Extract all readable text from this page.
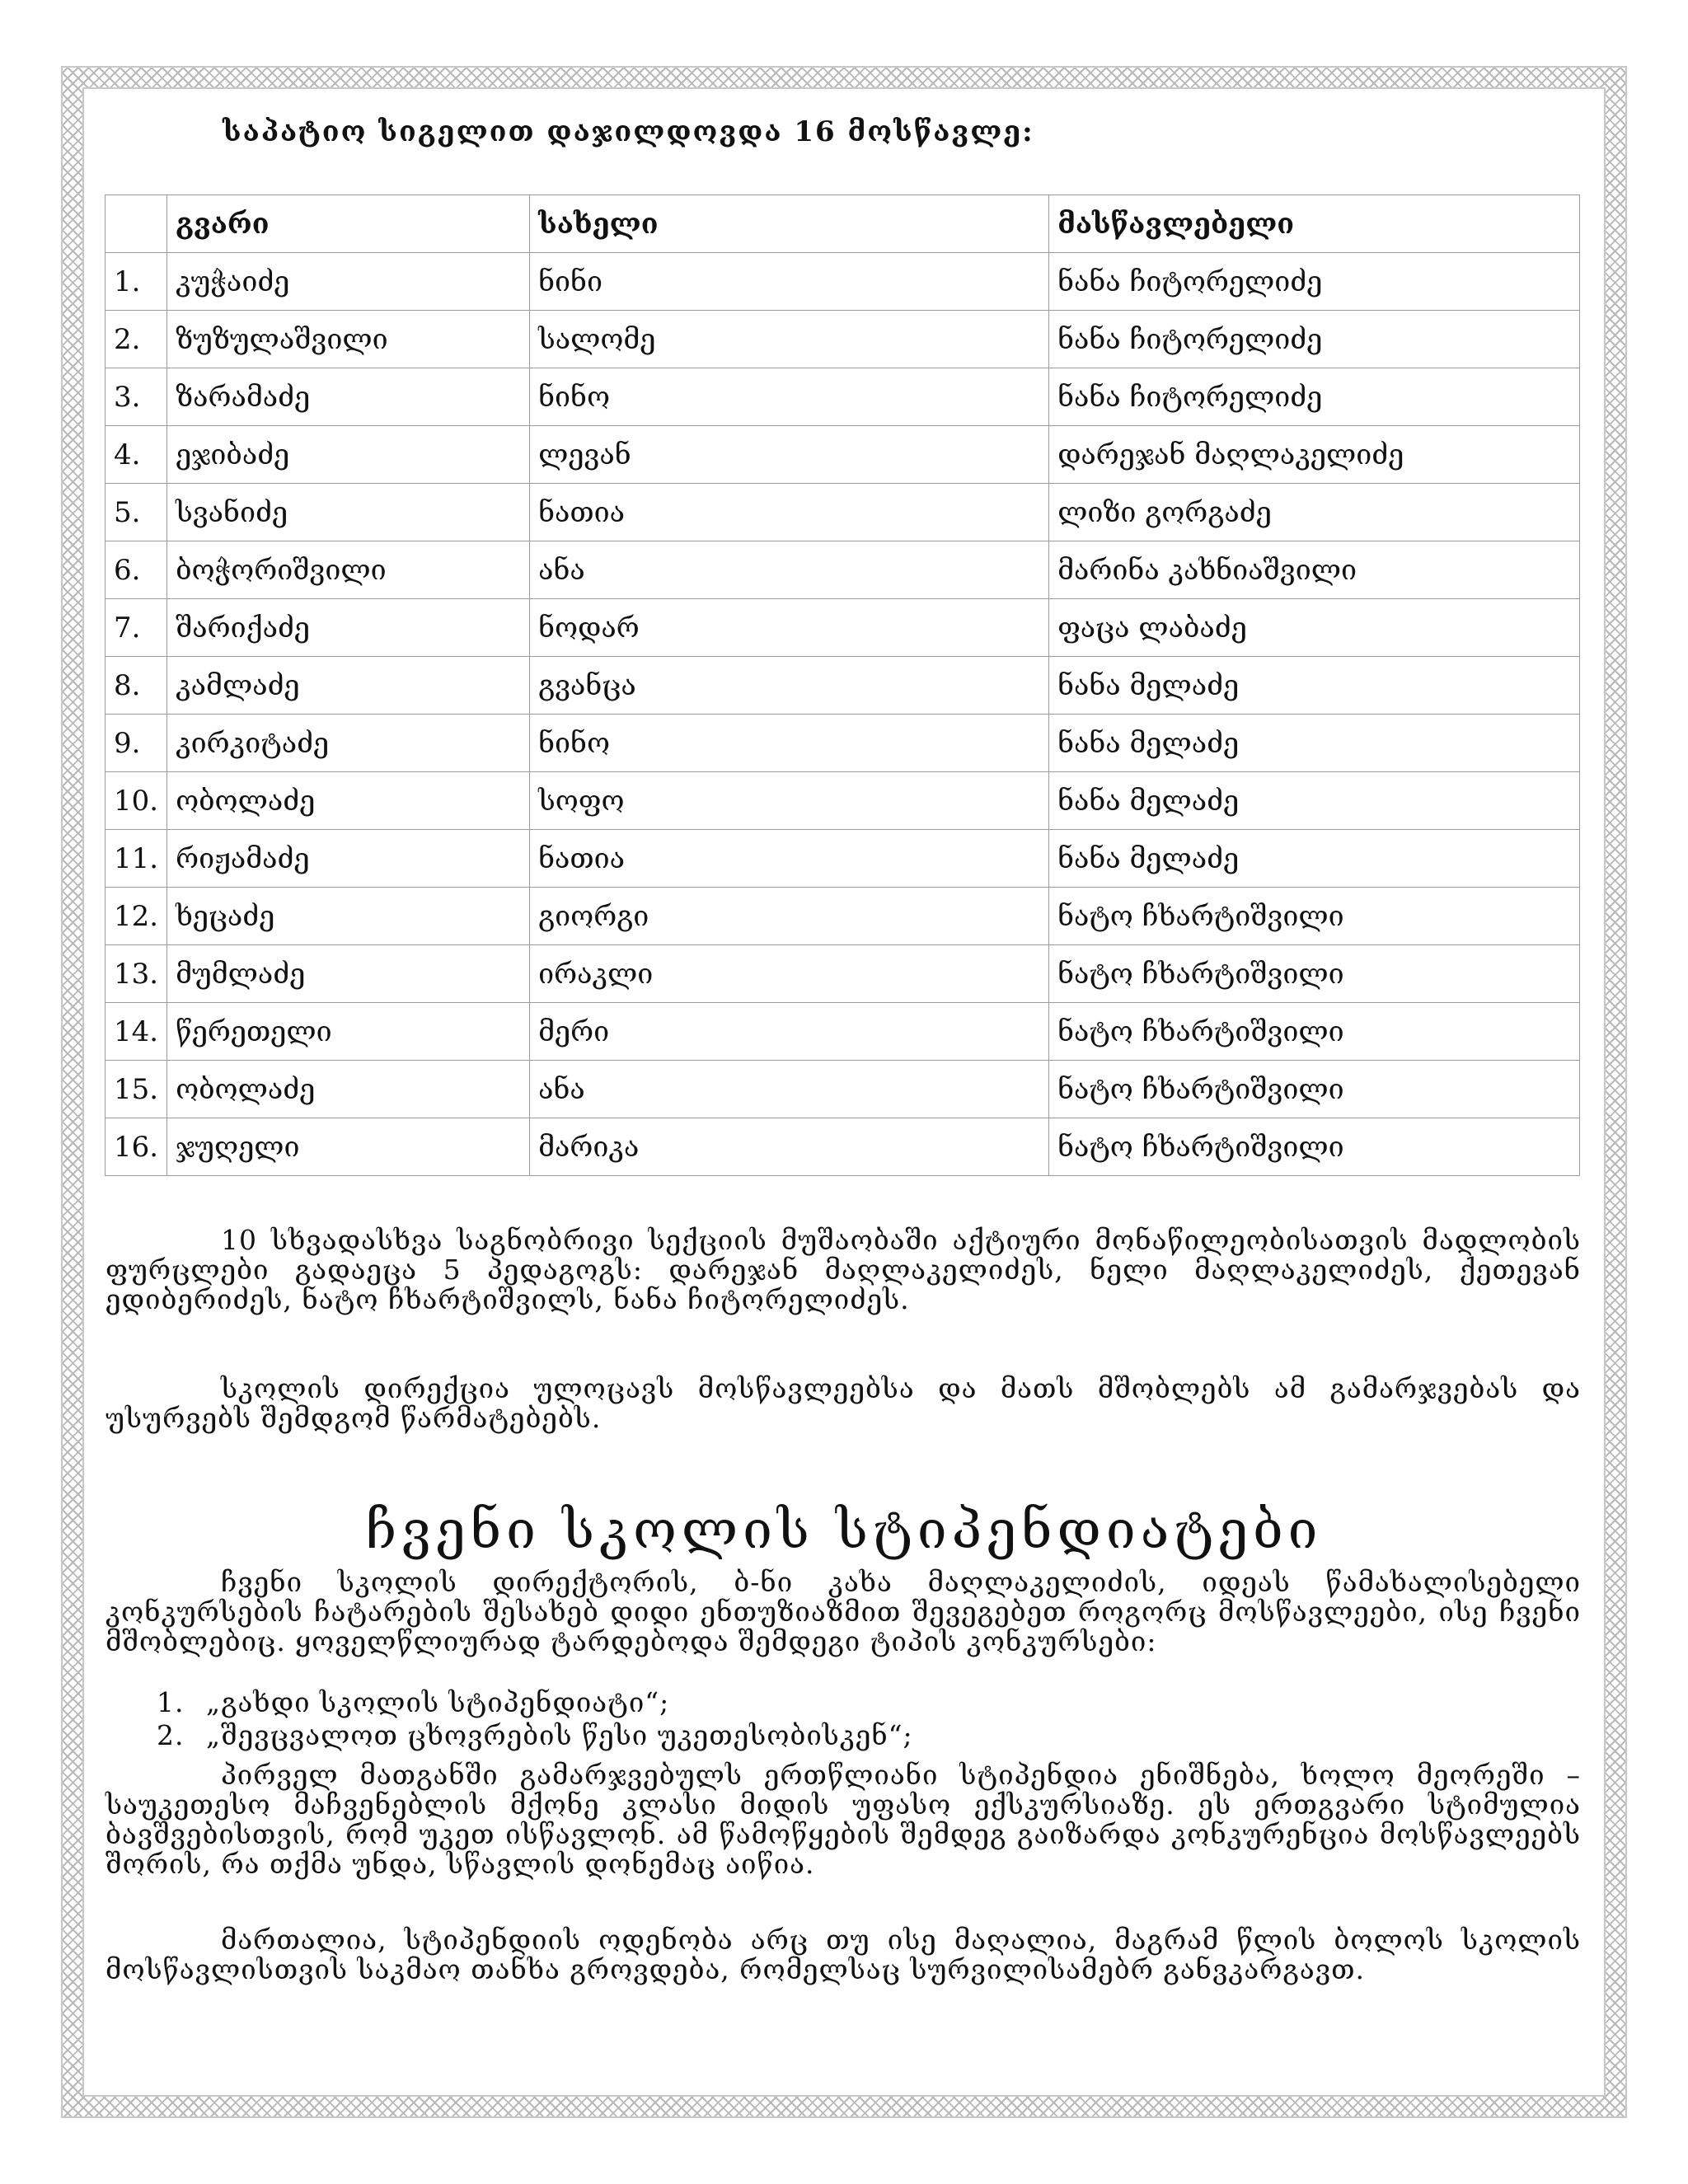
საპატიო სიგელით დაჯილდოვდა 16 მოსწავლე:
	გვარი	სახელი	მასწავლებელი
1.	კუჭაიძე	ნინი	ნანა ჩიტორელიძე
2.	ზუზულაშვილი	სალომე	ნანა ჩიტორელიძე
3.	ზარამაძე	ნინო	ნანა ჩიტორელიძე
4.	ეჯიბაძე	ლევან	დარეჯან მაღლაკელიძე
5.	სვანიძე	ნათია	ლიზი გორგაძე
6.	ბოჭორიშვილი	ანა	მარინა კახნიაშვილი
7.	შარიქაძე	ნოდარ	ფაცა ლაბაძე
8.	კამლაძე	გვანცა	ნანა მელაძე
9.	კირკიტაძე	ნინო	ნანა მელაძე
10.	ობოლაძე	სოფო	ნანა მელაძე
11.	რიჟამაძე	ნათია	ნანა მელაძე
12.	ხეცაძე	გიორგი	ნატო ჩხარტიშვილი
13.	მუმლაძე	ირაკლი	ნატო ჩხარტიშვილი
14.	წერეთელი	მერი	ნატო ჩხარტიშვილი
15.	ობოლაძე	ანა	ნატო ჩხარტიშვილი
16.	ჯუღელი	მარიკა	ნატო ჩხარტიშვილი

10 სხვადასხვა საგნობრივი სექციის მუშაობაში აქტიური მონაწილეობისათვის მადლობის ფურცლები გადაეცა 5 პედაგოგს: დარეჯან მაღლაკელიძეს, ნელი მაღლაკელიძეს, ქეთევან ედიბერიძეს, ნატო ჩხარტიშვილს, ნანა ჩიტორელიძეს.

სკოლის დირექცია ულოცავს მოსწავლეებსა და მათს მშობლებს ამ გამარჯვებას და უსურვებს შემდგომ წარმატებებს.

ჩვენი სკოლის სტიპენდიატები

ჩვენი სკოლის დირექტორის, ბ-ნი კახა მაღლაკელიძის, იდეას წამახალისებელი კონკურსების ჩატარების შესახებ დიდი ენთუზიაზმით შევეგებეთ როგორც მოსწავლეები, ისე ჩვენი მშობლებიც. ყოველწლიურად ტარდებოდა შემდეგი ტიპის კონკურსები:

1. „გახდი სკოლის სტიპენდიატი“;
2. „შევცვალოთ ცხოვრების წესი უკეთესობისკენ“;

პირველ მათგანში გამარჯვებულს ერთწლიანი სტიპენდია ენიშნება, ხოლო მეორეში – საუკეთესო მაჩვენებლის მქონე კლასი მიდის უფასო ექსკურსიაზე. ეს ერთგვარი სტიმულია ბავშვებისთვის, რომ უკეთ ისწავლონ. ამ წამოწყების შემდეგ გაიზარდა კონკურენცია მოსწავლეებს შორის, რა თქმა უნდა, სწავლის დონემაც აიწია.

მართალია, სტიპენდიის ოდენობა არც თუ ისე მაღალია, მაგრამ წლის ბოლოს სკოლის მოსწავლისთვის საკმაო თანხა გროვდება, რომელსაც სურვილისამებრ განვკარგავთ.
